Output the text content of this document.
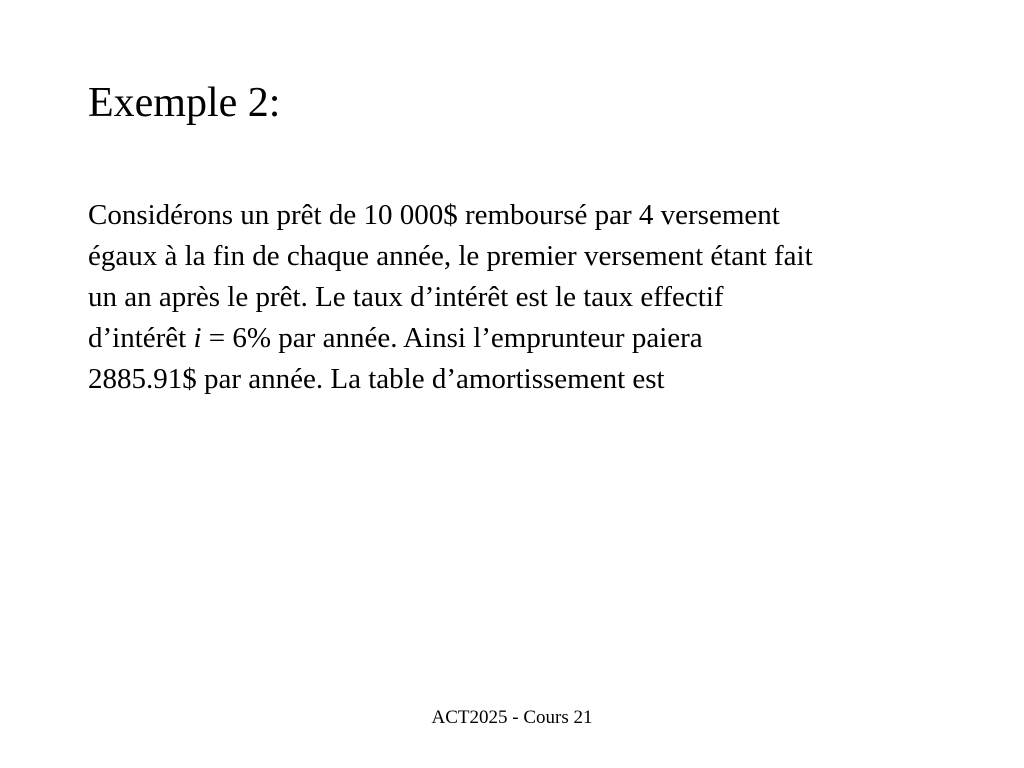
Exemple 2:
Considérons un prêt de 10 000$ remboursé par 4 versement
égaux à la fin de chaque année, le premier versement étant fait
un an après le prêt. Le taux d’intérêt est le taux effectif
d’intérêt i = 6% par année. Ainsi l’emprunteur paiera
2885.91$ par année. La table d’amortissement est
ACT2025 - Cours 21
